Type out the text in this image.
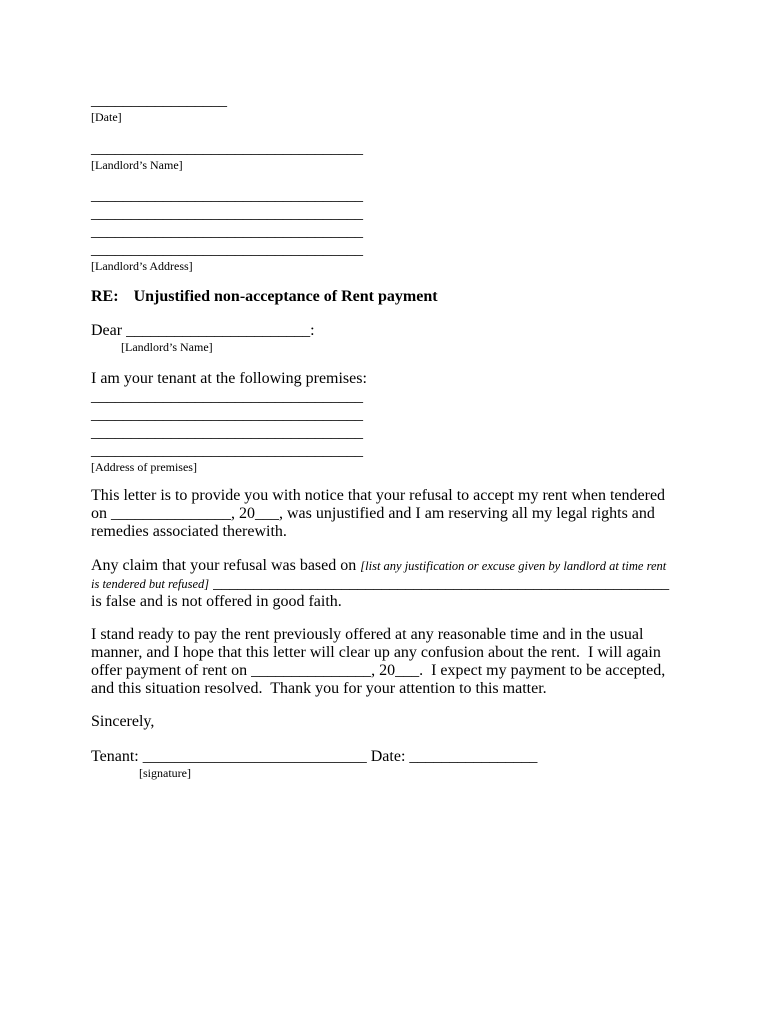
_________________
[Date]
__________________________________
[Landlord’s Name]
__________________________________
__________________________________
__________________________________
__________________________________
[Landlord’s Address]
RE: Unjustified non-acceptance of Rent payment
Dear _______________________:
[Landlord’s Name]
I am your tenant at the following premises:
__________________________________
__________________________________
__________________________________
__________________________________
[Address of premises]

This letter is to provide you with notice that your refusal to accept my rent when tendered on _______________, 20___, was unjustified and I am reserving all my legal rights and remedies associated therewith.

Any claim that your refusal was based on [list any justification or excuse given by landlord at time rent is tendered but refused] _________________________________________________________ is false and is not offered in good faith.

I stand ready to pay the rent previously offered at any reasonable time and in the usual manner, and I hope that this letter will clear up any confusion about the rent.  I will again offer payment of rent on _______________, 20___.  I expect my payment to be accepted, and this situation resolved.  Thank you for your attention to this matter.

Sincerely,
Tenant: ____________________________ Date: ________________
[signature]
